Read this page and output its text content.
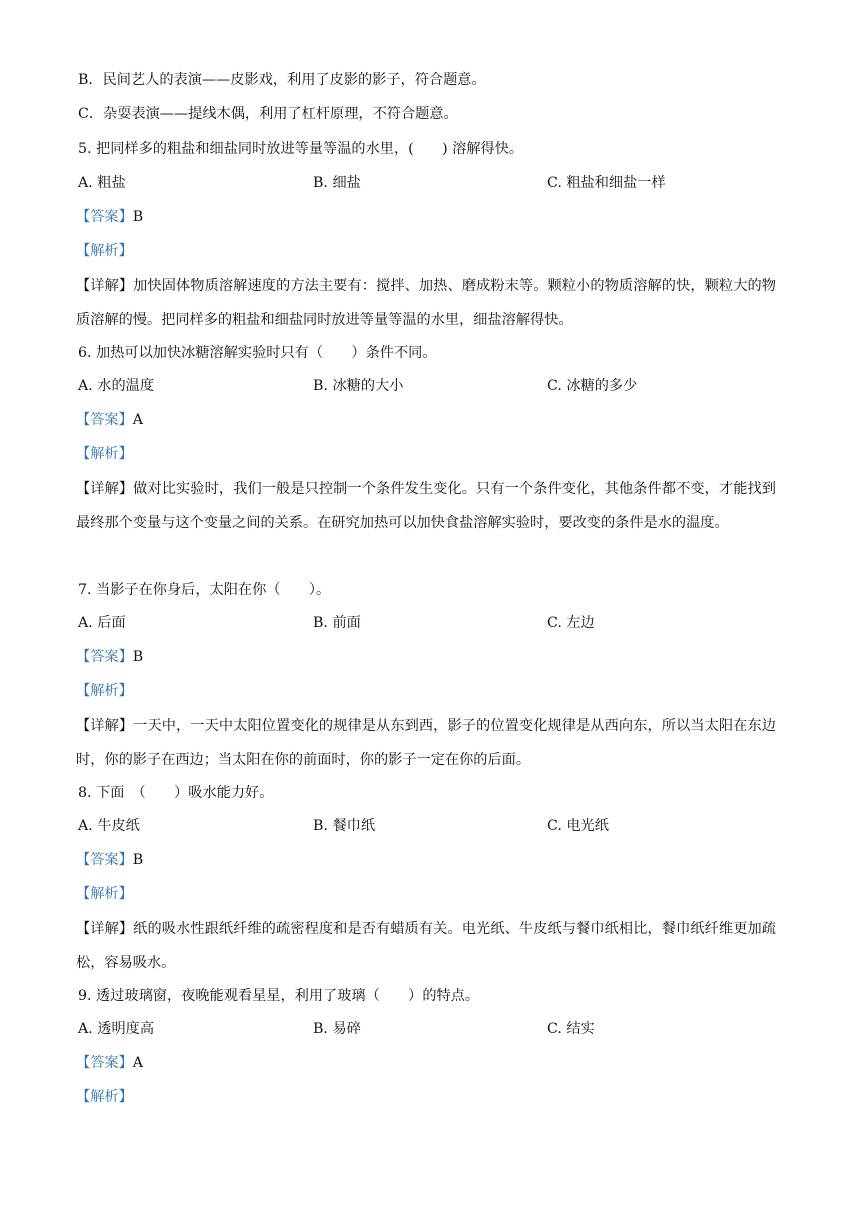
B．民间艺人的表演——皮影戏，利用了皮影的影子，符合题意。
C．杂耍表演——提线木偶，利用了杠杆原理，不符合题意。
5. 把同样多的粗盐和细盐同时放进等量等温的水里，(　　) 溶解得快。
A. 粗盐	B. 细盐	C. 粗盐和细盐一样
【答案】B
【解析】
【详解】加快固体物质溶解速度的方法主要有：搅拌、加热、磨成粉末等。颗粒小的物质溶解的快，颗粒大的物质溶解的慢。把同样多的粗盐和细盐同时放进等量等温的水里，细盐溶解得快。
6. 加热可以加快冰糖溶解实验时只有（　　）条件不同。
A. 水的温度	B. 冰糖的大小	C. 冰糖的多少
【答案】A
【解析】
【详解】做对比实验时，我们一般是只控制一个条件发生变化。只有一个条件变化，其他条件都不变，才能找到最终那个变量与这个变量之间的关系。在研究加热可以加快食盐溶解实验时，要改变的条件是水的温度。
7. 当影子在你身后，太阳在你（　　）。
A. 后面	B. 前面	C. 左边
【答案】B
【解析】
【详解】一天中，一天中太阳位置变化的规律是从东到西，影子的位置变化规律是从西向东，所以当太阳在东边时，你的影子在西边；当太阳在你的前面时，你的影子一定在你的后面。
8. 下面　（　　）吸水能力好。
A. 牛皮纸	B. 餐巾纸	C. 电光纸
【答案】B
【解析】
【详解】纸的吸水性跟纸纤维的疏密程度和是否有蜡质有关。电光纸、牛皮纸与餐巾纸相比，餐巾纸纤维更加疏松，容易吸水。
9. 透过玻璃窗，夜晚能观看星星，利用了玻璃（　　）的特点。
A. 透明度高	B. 易碎	C. 结实
【答案】A
【解析】
